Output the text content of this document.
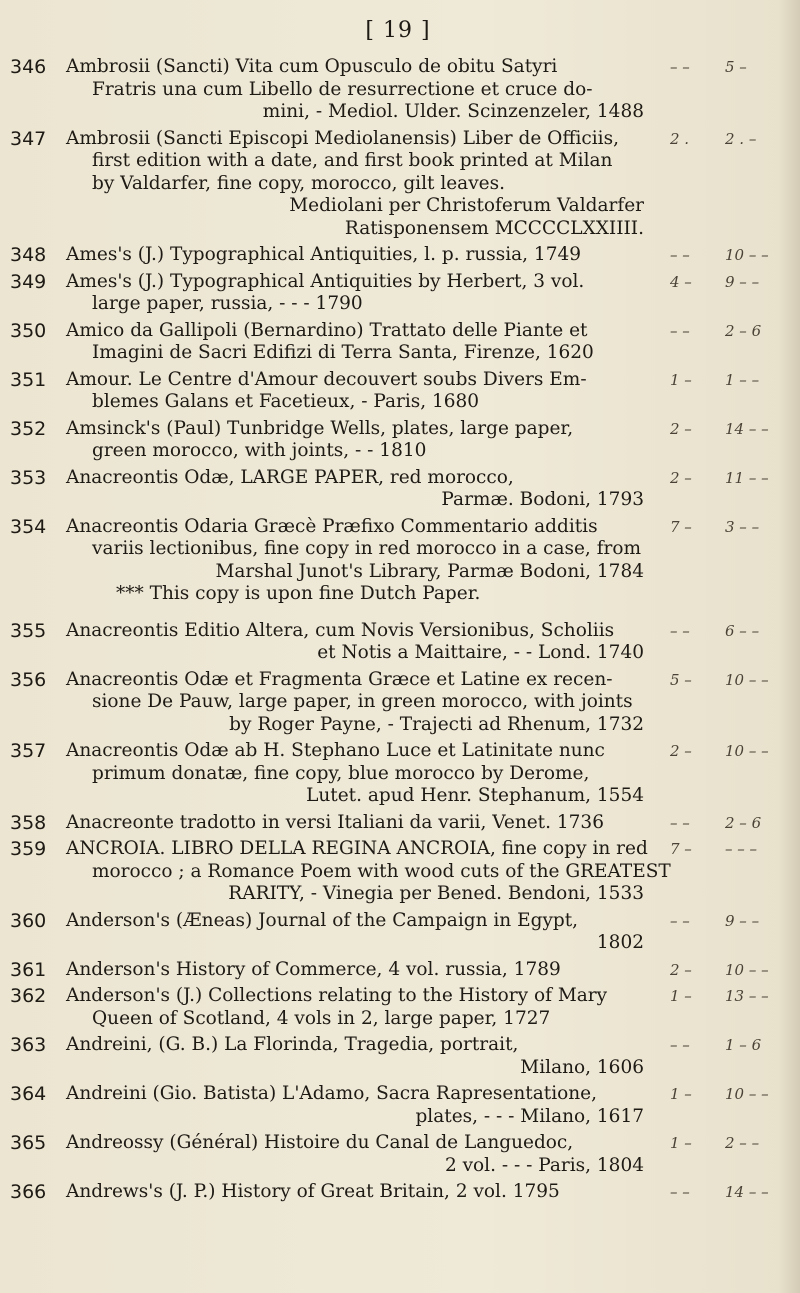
[ 19 ]
346	Ambrosii (Sancti) Vita cum Opusculo de obitu Satyri
Fratris una cum Libello de resurrectione et cruce do-
mini, - Mediol. Ulder. Scinzenzeler, 1488
– –	5 –
347	Ambrosii (Sancti Episcopi Mediolanensis) Liber de Officiis,
first edition with a date, and first book printed at Milan
by Valdarfer, fine copy, morocco, gilt leaves.
Mediolani per Christoferum Valdarfer
Ratisponensem MCCCCLXXIIII.
2 .	2 . –
348	Ames's (J.) Typographical Antiquities, l. p. russia, 1749	– –	10 – –
349	Ames's (J.) Typographical Antiquities by Herbert, 3 vol.
large paper, russia, - - - 1790
4 –	9 – –
350	Amico da Gallipoli (Bernardino) Trattato delle Piante et
Imagini de Sacri Edifizi di Terra Santa, Firenze, 1620
– –	2 – 6
351	Amour. Le Centre d'Amour decouvert soubs Divers Em-
blemes Galans et Facetieux, - Paris, 1680
1 –	1 – –
352	Amsinck's (Paul) Tunbridge Wells, plates, large paper,
green morocco, with joints, - - 1810
2 –	14 – –
353	Anacreontis Odæ, LARGE PAPER, red morocco,
Parmæ. Bodoni, 1793
2 –	11 – –
354	Anacreontis Odaria Græcè Præfixo Commentario additis
variis lectionibus, fine copy in red morocco in a case, from
Marshal Junot's Library, Parmæ Bodoni, 1784
*** This copy is upon fine Dutch Paper.
7 –	3 – –
355	Anacreontis Editio Altera, cum Novis Versionibus, Scholiis
et Notis a Maittaire, - - Lond. 1740
– –	6 – –
356	Anacreontis Odæ et Fragmenta Græce et Latine ex recen-
sione De Pauw, large paper, in green morocco, with joints
by Roger Payne, - Trajecti ad Rhenum, 1732
5 –	10 – –
357	Anacreontis Odæ ab H. Stephano Luce et Latinitate nunc
primum donatæ, fine copy, blue morocco by Derome,
Lutet. apud Henr. Stephanum, 1554
2 –	10 – –
358	Anacreonte tradotto in versi Italiani da varii, Venet. 1736	– –	2 – 6
359	ANCROIA. LIBRO DELLA REGINA ANCROIA, fine copy in red
morocco ; a Romance Poem with wood cuts of the GREATEST
RARITY, - Vinegia per Bened. Bendoni, 1533
7 –	– – –
360	Anderson's (Æneas) Journal of the Campaign in Egypt,
1802
– –	9 – –
361	Anderson's History of Commerce, 4 vol. russia, 1789	2 –	10 – –
362	Anderson's (J.) Collections relating to the History of Mary
Queen of Scotland, 4 vols in 2, large paper, 1727
1 –	13 – –
363	Andreini, (G. B.) La Florinda, Tragedia, portrait,
Milano, 1606
– –	1 – 6
364	Andreini (Gio. Batista) L'Adamo, Sacra Rapresentatione,
plates, - - - Milano, 1617
1 –	10 – –
365	Andreossy (Général) Histoire du Canal de Languedoc,
2 vol. - - - Paris, 1804
1 –	2 – –
366	Andrews's (J. P.) History of Great Britain, 2 vol. 1795	– –	14 – –
